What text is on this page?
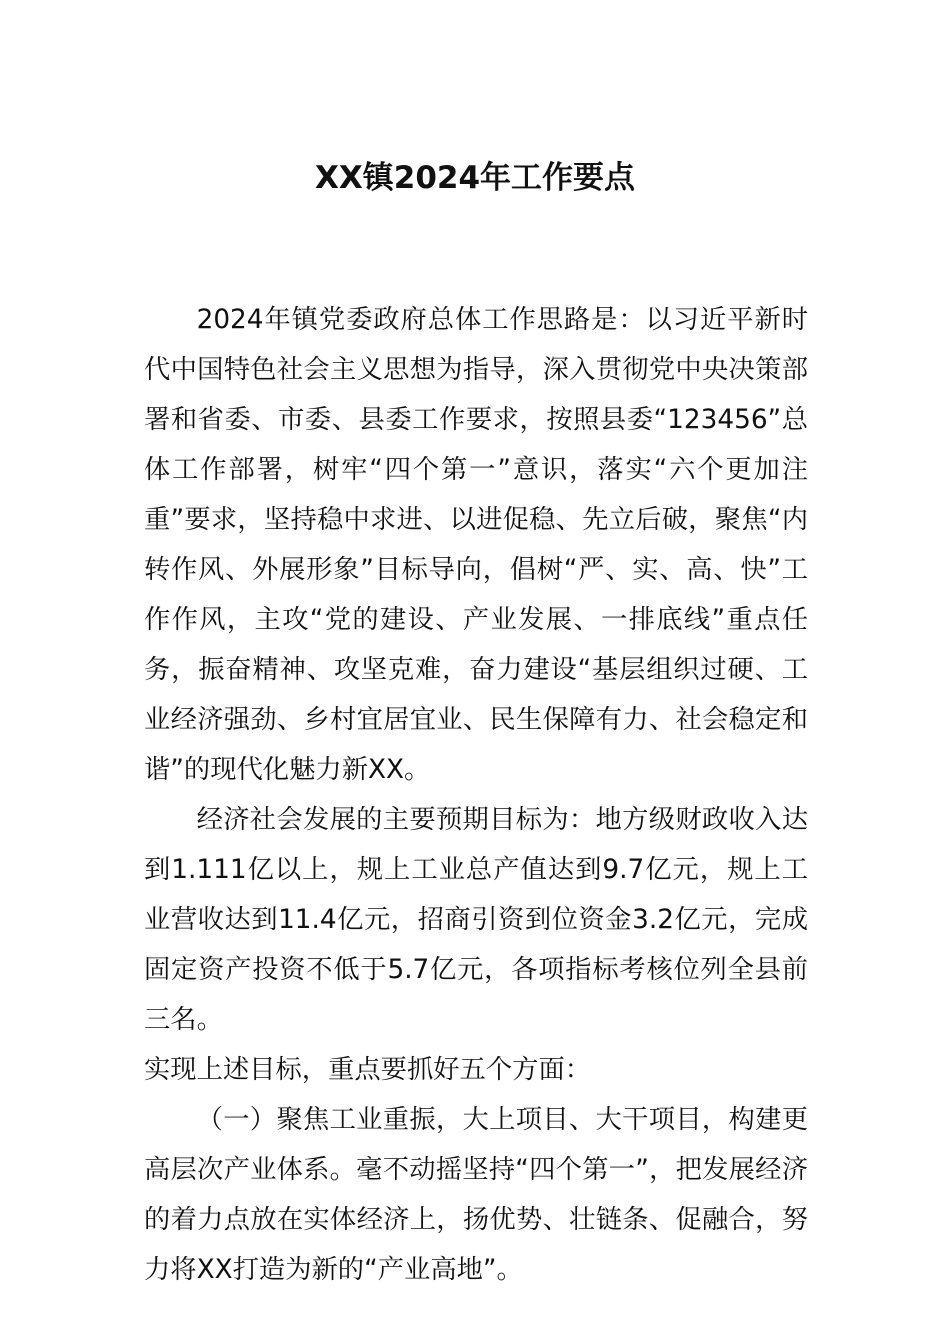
XX镇2024年工作要点

2024年镇党委政府总体工作思路是：以习近平新时代中国特色社会主义思想为指导，深入贯彻党中央决策部署和省委、市委、县委工作要求，按照县委“123456”总体工作部署，树牢“四个第一”意识，落实“六个更加注重”要求，坚持稳中求进、以进促稳、先立后破，聚焦“内转作风、外展形象”目标导向，倡树“严、实、高、快”工作作风，主攻“党的建设、产业发展、一排底线”重点任务，振奋精神、攻坚克难，奋力建设“基层组织过硬、工业经济强劲、乡村宜居宜业、民生保障有力、社会稳定和谐”的现代化魅力新XX。

经济社会发展的主要预期目标为：地方级财政收入达到1.111亿以上，规上工业总产值达到9.7亿元，规上工业营收达到11.4亿元，招商引资到位资金3.2亿元，完成固定资产投资不低于5.7亿元，各项指标考核位列全县前三名。

实现上述目标，重点要抓好五个方面：

（一）聚焦工业重振，大上项目、大干项目，构建更高层次产业体系。毫不动摇坚持“四个第一”，把发展经济的着力点放在实体经济上，扬优势、壮链条、促融合，努力将XX打造为新的“产业高地”。
